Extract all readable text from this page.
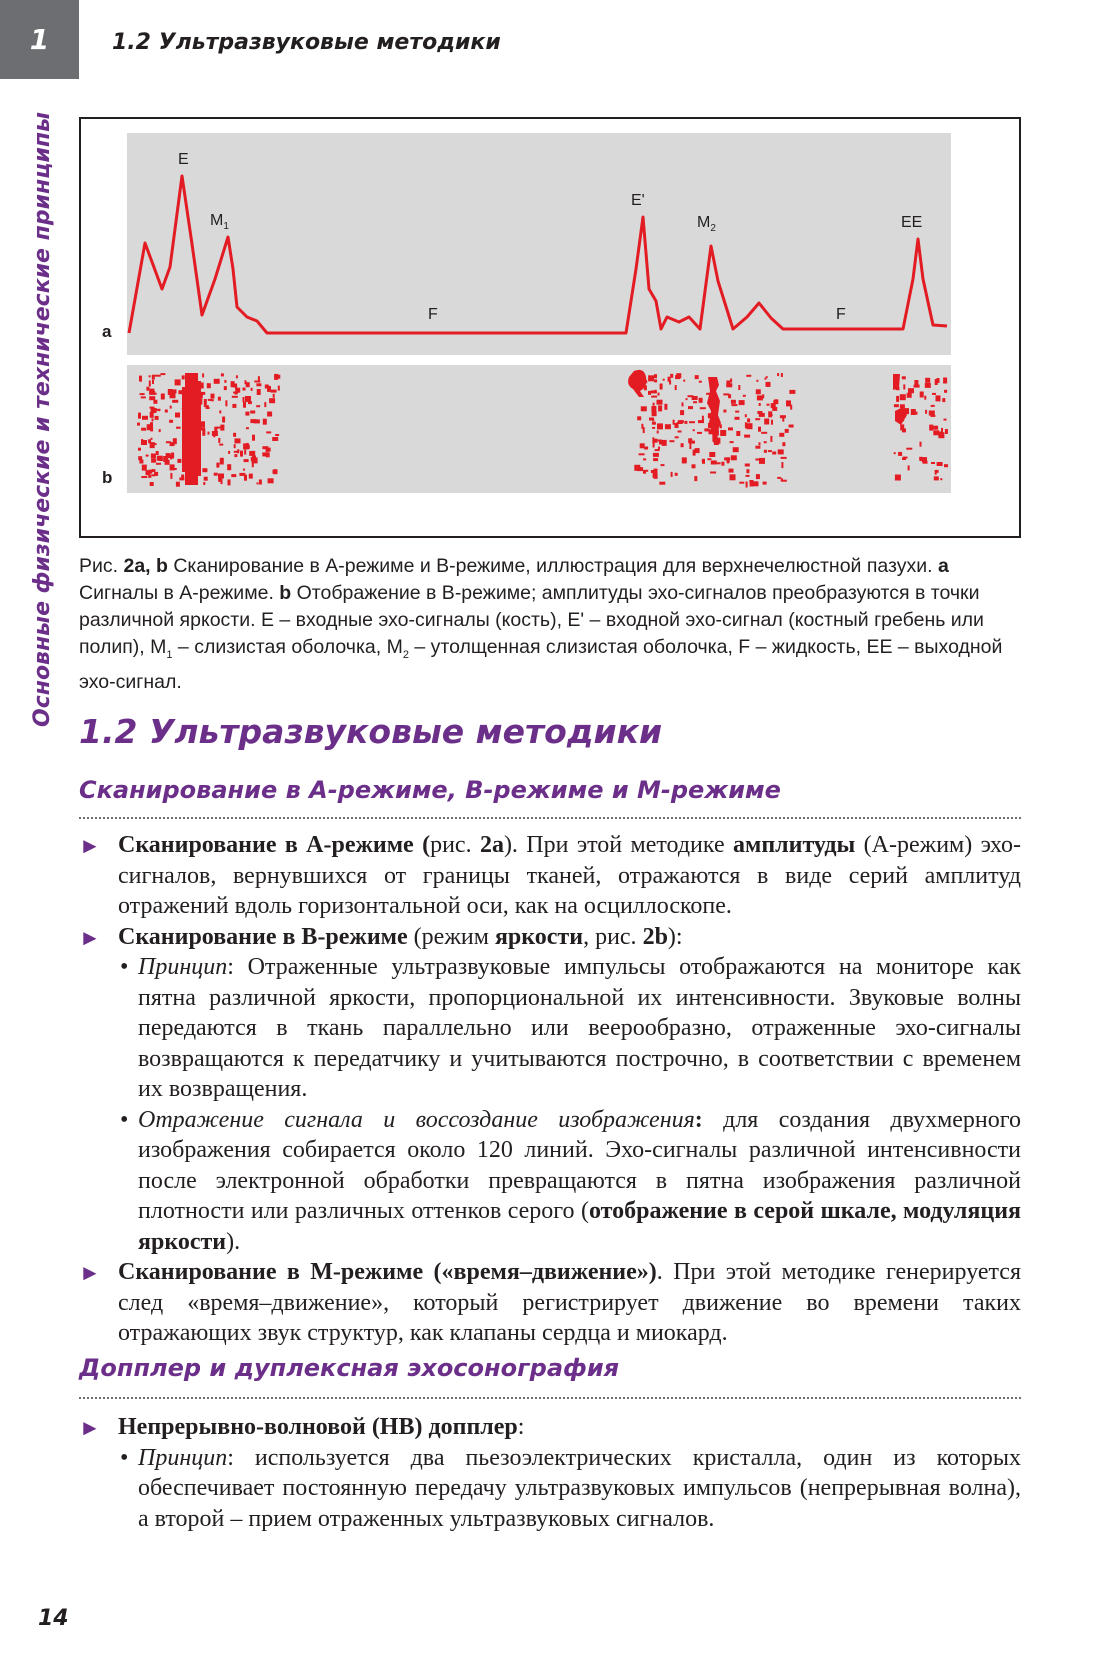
1	1.2 Ультразвуковые методики
Основные физические и технические принципы	a
b
E
$M_1$
F
E'
$M_2$
F
EE

Рис. 2a, b Сканирование в А-режиме и В-режиме, иллюстрация для верхнечелюстной пазухи. a Сигналы в А-режиме. b Отображение в В-режиме; амплитуды эхо-сигналов преобразуются в точки различной яркости. E – входные эхо-сигналы (кость), E' – входной эхо-сигнал (костный гребень или полип), $M_1$ – слизистая оболочка, $M_2$ – утолщенная слизистая оболочка, F – жидкость, EE – выходной эхо-сигнал.

1.2 Ультразвуковые методики
Сканирование в A-режиме, B-режиме и M-режиме
► Сканирование в A-режиме (рис. 2a). При этой методике амплитуды (А-режим) эхо-сигналов, вернувшихся от границы тканей, отражаются в виде серий амплитуд отражений вдоль горизонтальной оси, как на осциллоскопе.
► Сканирование в B-режиме (режим яркости, рис. 2b):
• Принцип: Отраженные ультразвуковые импульсы отображаются на мониторе как пятна различной яркости, пропорциональной их интенсивности. Звуковые волны передаются в ткань параллельно или веерообразно, отраженные эхо-сигналы возвращаются к передатчику и учитываются построчно, в соответствии с временем их возвращения.
• Отражение сигнала и воссоздание изображения: для создания двухмерного изображения собирается около 120 линий. Эхо-сигналы различной интенсивности после электронной обработки превращаются в пятна изображения различной плотности или различных оттенков серого (отображение в серой шкале, модуляция яркости).
► Сканирование в M-режиме («время–движение»). При этой методике генерируется след «время–движение», который регистрирует движение во времени таких отражающих звук структур, как клапаны сердца и миокард.
Допплер и дуплексная эхосонография
► Непрерывно-волновой (НВ) допплер:
• Принцип: используется два пьезоэлектрических кристалла, один из которых обеспечивает постоянную передачу ультразвуковых импульсов (непрерывная волна), а второй – прием отраженных ультразвуковых сигналов.
14
